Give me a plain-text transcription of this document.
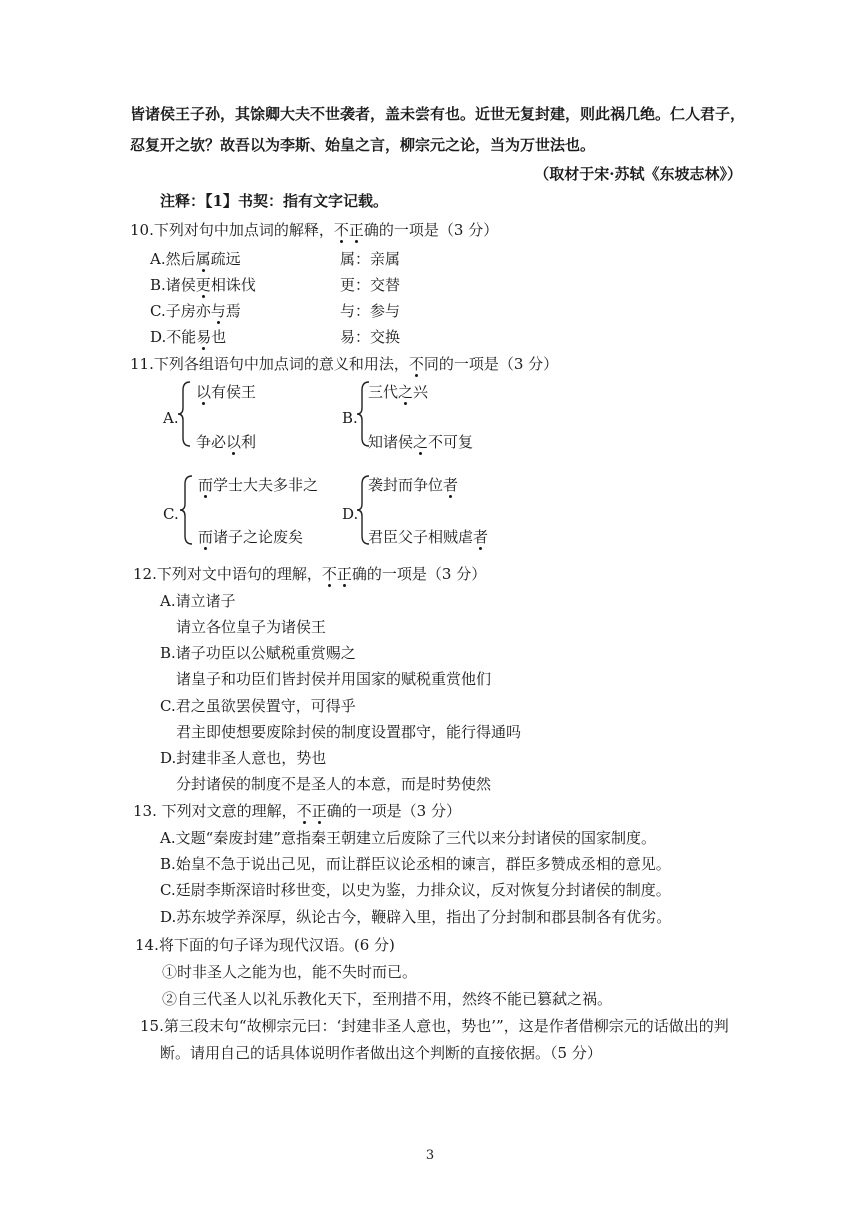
皆诸侯王子孙，其馀卿大夫不世袭者，盖未尝有也。近世无复封建，则此祸几绝。仁人君子，
忍复开之欤？故吾以为李斯、始皇之言，柳宗元之论，当为万世法也。
（取材于宋·苏轼《东坡志林》）
注释：【1】书契：指有文字记载。
10.下列对句中加点词的解释，不正确的一项是（3 分）
A.然后属疏远	属：亲属
B.诸侯更相诛伐	更：交替
C.子房亦与焉	与：参与
D.不能易也	易：交换
11.下列各组语句中加点词的意义和用法，不同的一项是（3 分）
A.
以有侯王
争必以利
B.
三代之兴
知诸侯之不可复
C.
而学士大夫多非之
而诸子之论废矣
D.
袭封而争位者
君臣父子相贼虐者
12.下列对文中语句的理解，不正确的一项是（3 分）
A.请立诸子
请立各位皇子为诸侯王
B.诸子功臣以公赋税重赏赐之
诸皇子和功臣们皆封侯并用国家的赋税重赏他们
C.君之虽欲罢侯置守，可得乎
君主即使想要废除封侯的制度设置郡守，能行得通吗
D.封建非圣人意也，势也
分封诸侯的制度不是圣人的本意，而是时势使然
13. 下列对文意的理解，不正确的一项是（3 分）
A.文题“秦废封建”意指秦王朝建立后废除了三代以来分封诸侯的国家制度。
B.始皇不急于说出己见，而让群臣议论丞相的谏言，群臣多赞成丞相的意见。
C.廷尉李斯深谙时移世变，以史为鉴，力排众议，反对恢复分封诸侯的制度。
D.苏东坡学养深厚，纵论古今，鞭辟入里，指出了分封制和郡县制各有优劣。
14.将下面的句子译为现代汉语。(6 分)
①时非圣人之能为也，能不失时而已。
②自三代圣人以礼乐教化天下，至刑措不用，然终不能已篡弑之祸。
15.第三段末句“故柳宗元曰：‘封建非圣人意也，势也’”，这是作者借柳宗元的话做出的判
断。请用自己的话具体说明作者做出这个判断的直接依据。（5 分）
3
